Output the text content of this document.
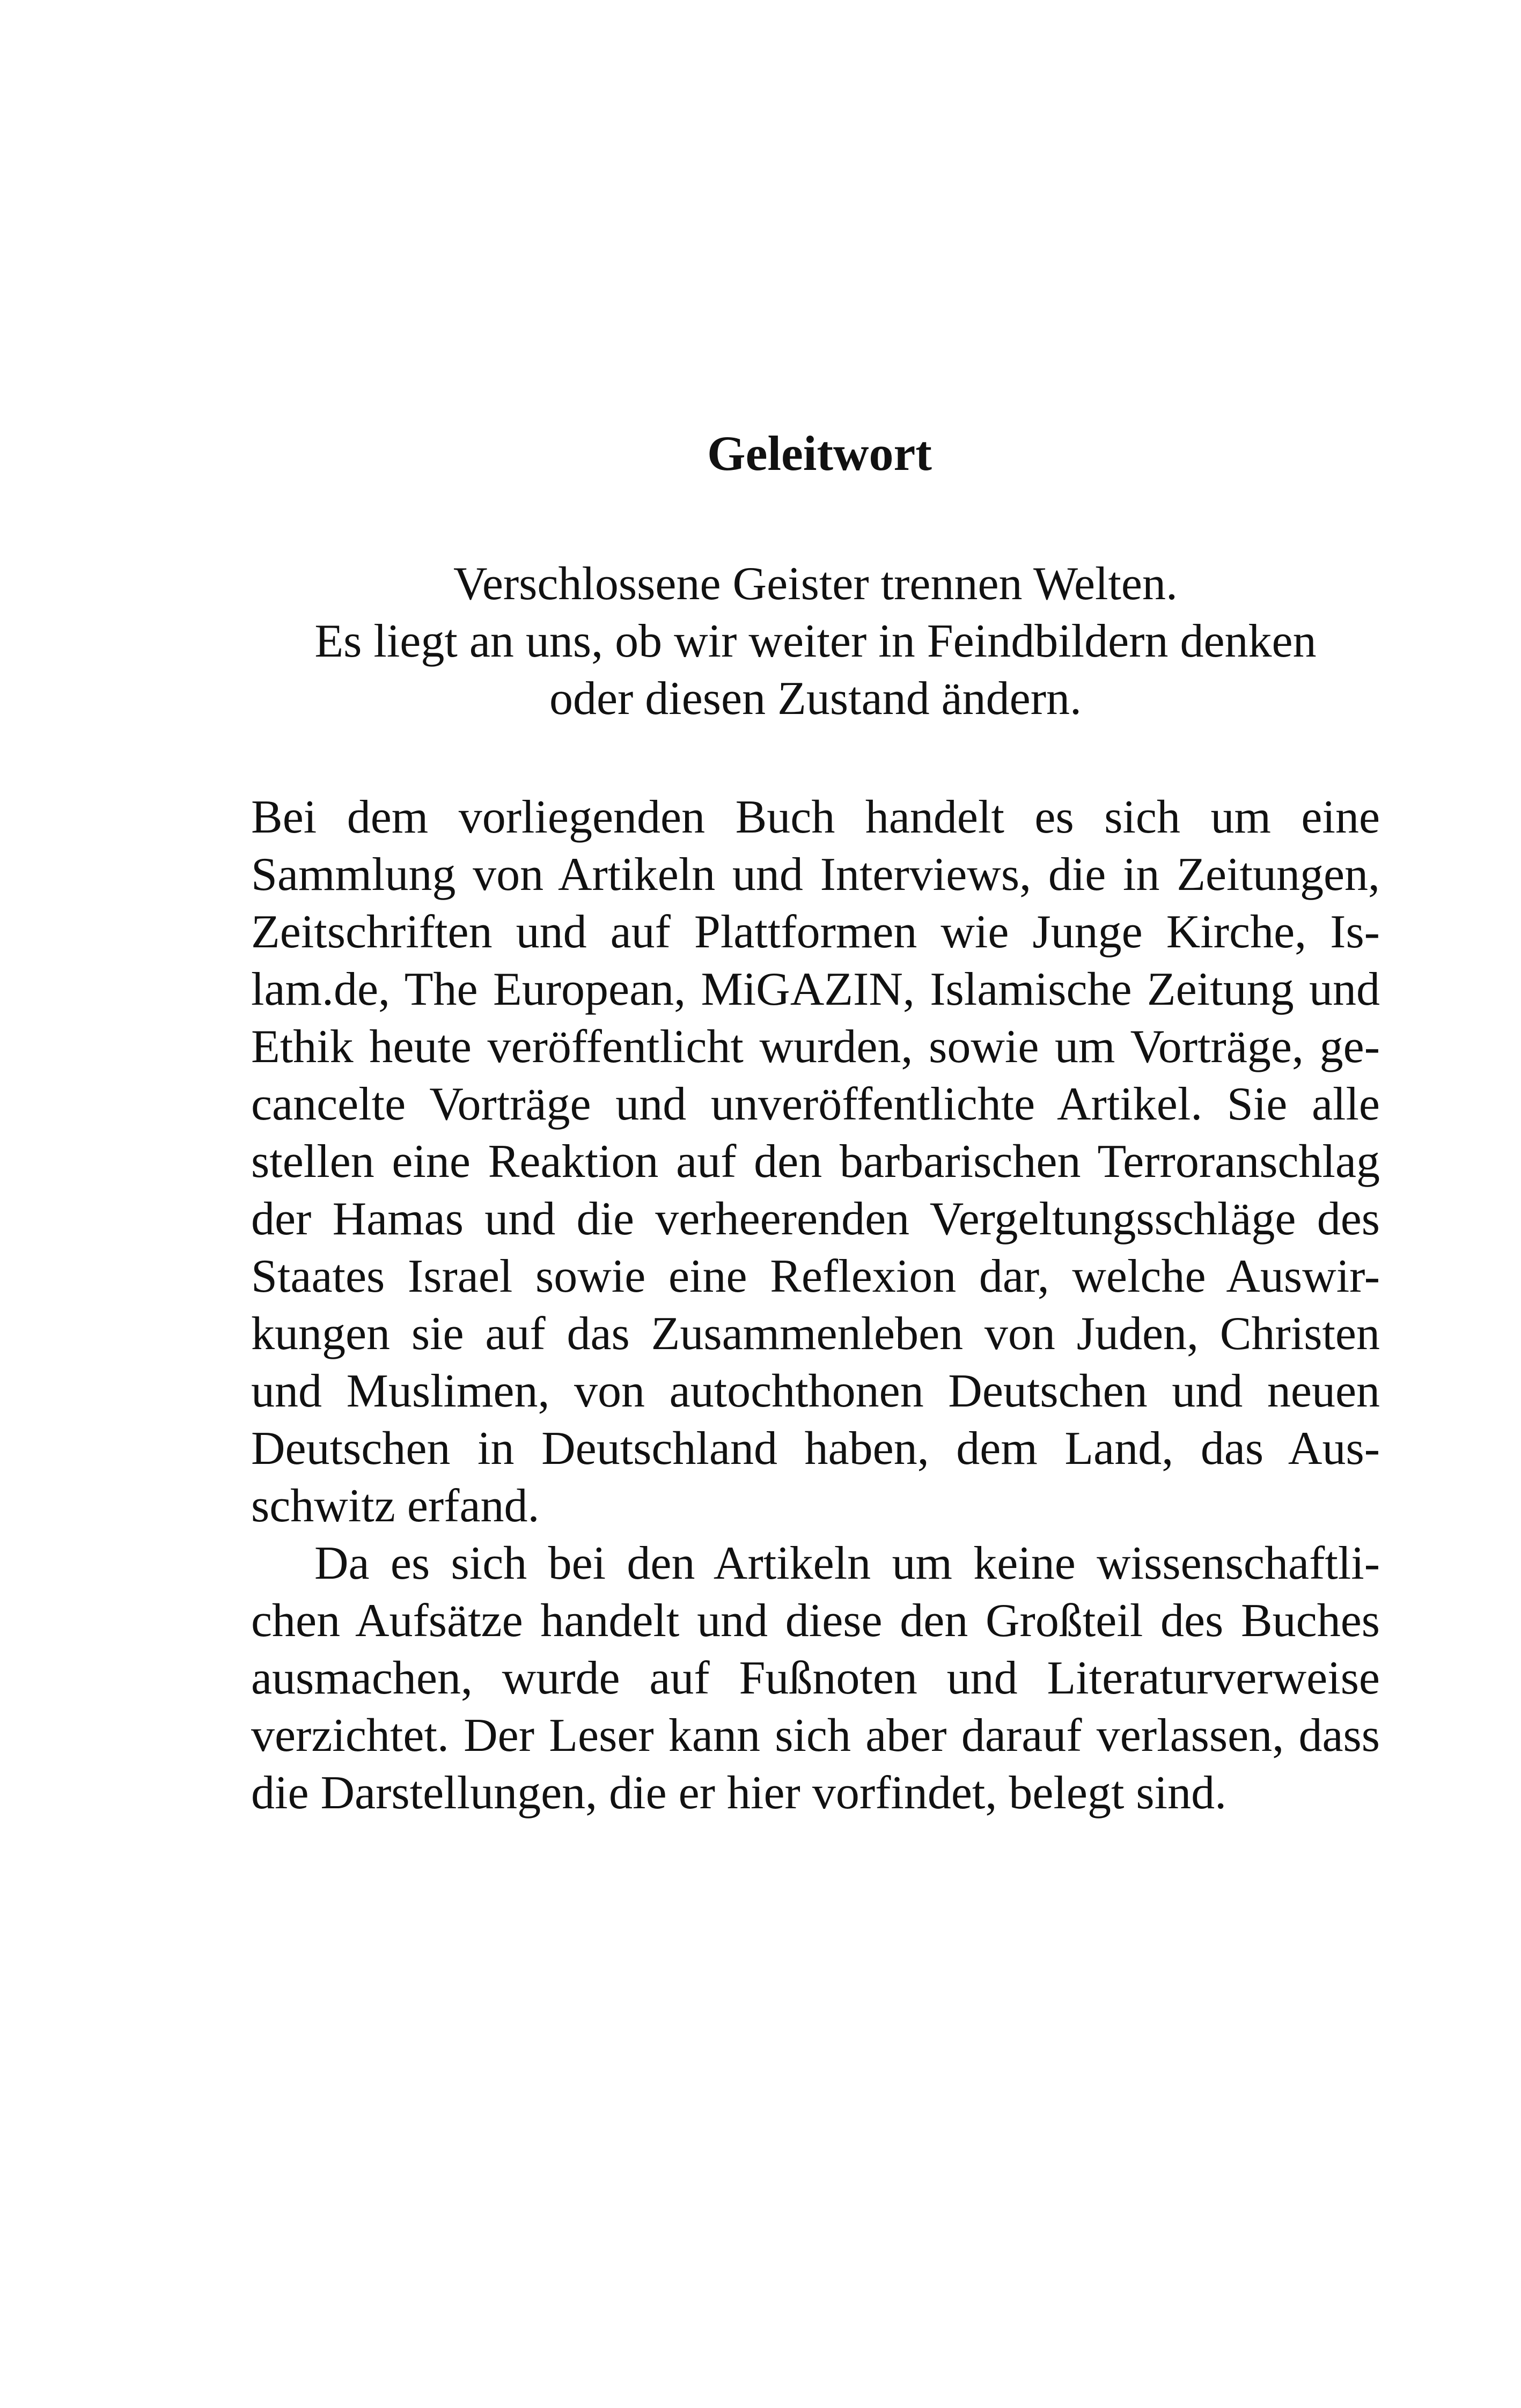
Geleitwort
Verschlossene Geister trennen Welten.
Es liegt an uns, ob wir weiter in Feindbildern denken
oder diesen Zustand ändern.
Bei dem vorliegenden Buch handelt es sich um eine
Sammlung von Artikeln und Interviews, die in Zeitungen,
Zeitschriften und auf Plattformen wie Junge Kirche, Is-
lam.de, The European, MiGAZIN, Islamische Zeitung und
Ethik heute veröffentlicht wurden, sowie um Vorträge, ge-
cancelte Vorträge und unveröffentlichte Artikel. Sie alle
stellen eine Reaktion auf den barbarischen Terroranschlag
der Hamas und die verheerenden Vergeltungsschläge des
Staates Israel sowie eine Reflexion dar, welche Auswir-
kungen sie auf das Zusammenleben von Juden, Christen
und Muslimen, von autochthonen Deutschen und neuen
Deutschen in Deutschland haben, dem Land, das Aus-
schwitz erfand.
Da es sich bei den Artikeln um keine wissenschaftli-
chen Aufsätze handelt und diese den Großteil des Buches
ausmachen, wurde auf Fußnoten und Literaturverweise
verzichtet. Der Leser kann sich aber darauf verlassen, dass
die Darstellungen, die er hier vorfindet, belegt sind.
